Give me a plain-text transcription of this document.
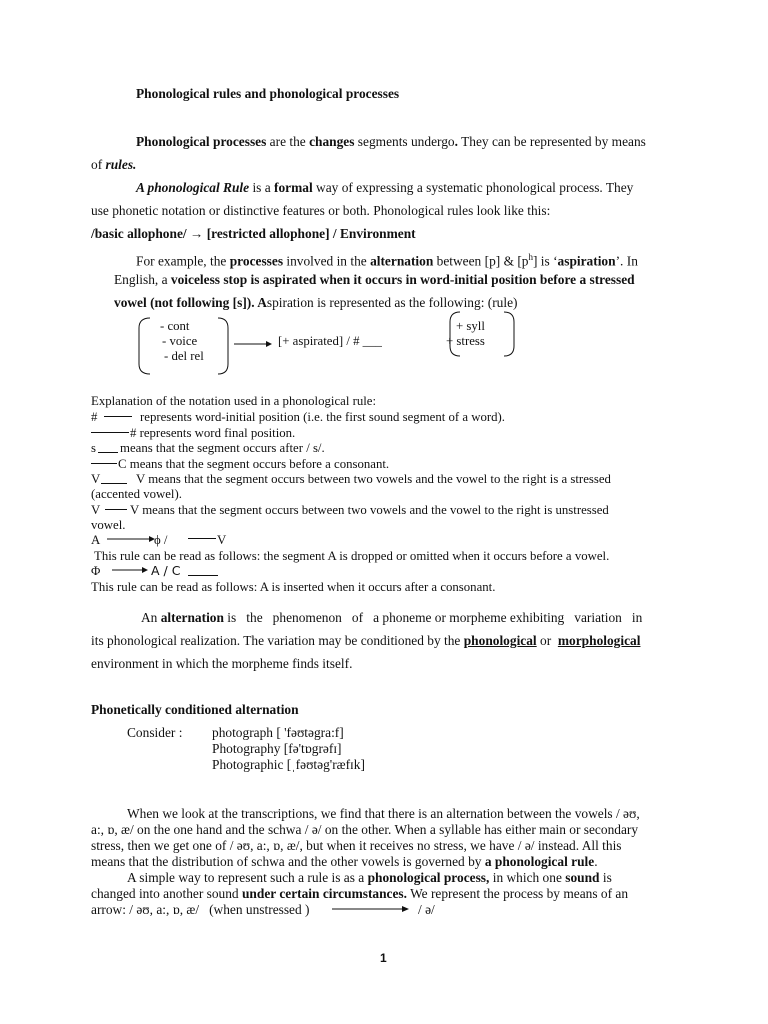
Phonological rules and phonological processes
Phonological processes are the changes segments undergo. They can be represented by means
of rules.
A phonological Rule is a formal way of expressing a systematic phonological process. They
use phonetic notation or distinctive features or both. Phonological rules look like this:
/basic allophone/ → [restricted allophone] / Environment
For example, the processes involved in the alternation between [p] & $[p^h]$ is ‘aspiration’. In
English, a voiceless stop is aspirated when it occurs in word-initial position before a stressed
vowel (not following [s]). Aspiration is represented as the following: (rule)
- cont
- voice
- del rel
[+ aspirated] / # ___
+ syll
+ stress
Explanation of the notation used in a phonological rule:
#	represents word-initial position (i.e. the first sound segment of a word).
# represents word final position.
s means that the segment occurs after / s/.
C means that the segment occurs before a consonant.
V	V means that the segment occurs between two vowels and the vowel to the right is a stressed
(accented vowel).
V V means that the segment occurs between two vowels and the vowel to the right is unstressed
vowel.
A	ϕ /	V
This rule can be read as follows: the segment A is dropped or omitted when it occurs before a vowel.
Φ	A / C
This rule can be read as follows: A is inserted when it occurs after a consonant.
An alternation is   the   phenomenon   of   a phoneme or morpheme exhibiting   variation   in
its phonological realization. The variation may be conditioned by the phonological or  morphological
environment in which the morpheme finds itself.
Phonetically conditioned alternation
Consider : photograph [ 'fəʊtəgra:f]
Photography [fə'tɒgrəfɪ]
Photographic [ˌfəʊtəg'ræfɪk]
When we look at the transcriptions, we find that there is an alternation between the vowels / əʊ,
a:, ɒ, æ/ on the one hand and the schwa / ə/ on the other. When a syllable has either main or secondary
stress, then we get one of / əʊ, a:, ɒ, æ/, but when it receives no stress, we have / ə/ instead. All this
means that the distribution of schwa and the other vowels is governed by a phonological rule.
A simple way to represent such a rule is as a phonological process, in which one sound is
changed into another sound under certain circumstances. We represent the process by means of an
arrow: / əʊ, a:, ɒ, æ/   (when unstressed )	/ ə/
1
